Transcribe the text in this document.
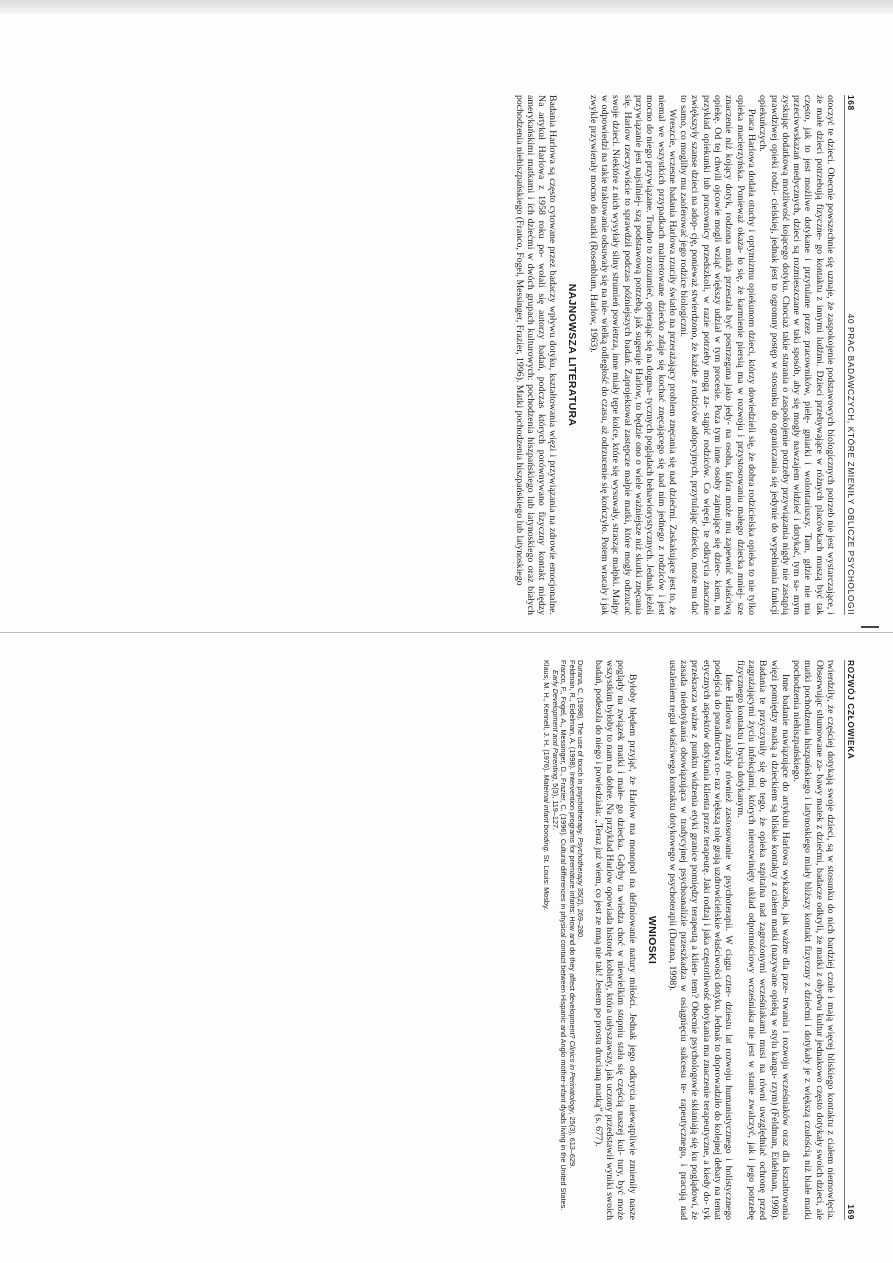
168
40 PRAC BADAWCZYCH, KTÓRE ZMIENIŁY OBLICZE PSYCHOLOGII

otoczyć te dzieci. Obecnie powszechnie się uznaje, że zaspokojenie podstawowych biologicznych potrzeb nie jest wystarczające, i że małe dzieci potrzebują fizyczne- go kontaktu z innymi ludźmi. Dzieci przebywające w różnych placówkach muszą być tak często, jak to jest możliwe dotykane i przytulane przez pracowników, pielę- gniarki i wolontariuszy. Tam, gdzie nie ma przeciwwskazań medycznych, dzieci są rozmieszczane w taki sposób, aby się mogły nawzajem widzieć i dotykać, tym sa- mym zyskując dodatkową możliwość kojącego dotyku. Chociaż takie starania o zaspokojenie potrzeby przywiązania nigdy nie zastąpią prawdziwej opieki rodzi- cielskiej, jednak jest to ogromny postęp w stosunku do ograniczania się jedynie do wypełniania funkcji opiekuńczych.

Praca Harlowa dodała otuchy i optymizmu opiekunom dzieci, którzy dowiedzieli się, że dobra rodzicielska opieka to nie tylko opieka macierzyńska. Ponieważ okaza- ło się, że karmienie piersią ma w rozwoju i przystosowaniu małego dziecka mniej- sze znaczenie niż kojący dotyk, rodzona matka przestała być postrzegana jako jedy- na osoba, która może mu zapewnić właściwą opiekę. Od tej chwili ojcowie mogli wziąć większy udział w tym procesie. Poza tym inne osoby zajmujące się dziec- kiem, na przykład opiekunki lub pracownicy przedszkoli, w razie potrzeby mogą za- stąpić rodziców. Co więcej, te odkrycia znacznie zwiększyły szanse dzieci na adop- cję, ponieważ stwierdzono, że każde z rodziców adopcyjnych, przytulając dziecko, może mu dać to samo, co mogliby mu zaoferować jego rodzice biologiczni.

Wreszcie, wczesne badania Harlowa rzuciły światło na przerażający problem znęcania się nad dziećmi. Zaskakujące jest to, że niemal we wszystkich przypadkach maltretowane dziecko zdaje się kochać znęcającego się nad nim jednego z rodziców i jest mocno do niego przywiązane. Trudno to zrozumieć, opierając się na dogma- tycznych poglądach behawiorystycznych. Jednak jeżeli przywiązanie jest najsilniej- szą podstawową potrzebą, jak sugeruje Harlow, to będzie ono o wiele ważniejsze niż skutki znęcania się. Harlow rzeczywiście to sprawdził podczas późniejszych badań. Zaprojektował zastępcze małpie matki, które mogły odrzucać swoje dzieci. Niektóre z nich wysyłały silny strumień powietrza, inne miały tępe kolce, które się wysuwały, strasząc małpki. Małpy w odpowiedzi na takie traktowanie odsuwały się na nie- wielką odległość do czasu, aż odrzucenie się kończyło. Potem wracały i jak zwykle przywierały mocno do matki (Rosenblum, Harlow, 1963).

NAJNOWSZA LITERATURA

Badania Harlowa są często cytowane przez badaczy wpływu dotyku, kształtowania więzi i przywiązania na zdrowie emocjonalne. Na artykuł Harlowa z 1958 roku po- wołali się autorzy badań, podczas których porównywano fizyczny kontakt między amerykańskimi matkami i ich dziećmi w dwóch grupach kulturowych: pochodzenia hiszpańskiego lub latynoskiego oraz białych pochodzenia niehiszpańskiego (Franco, Fogel, Messinger, Frazier, 1996). Matki pochodzenia hiszpańskiego lub latynoskiego

ROZWÓJ CZŁOWIEKA
169

twierdziły, że częściej dotykają swoje dzieci, są w stosunku do nich bardziej czułe i mają więcej bliskiego kontaktu z ciałem niemowlęcia. Obserwując stłumowane za- bawy matek z dziećmi, badacze odkryli, że matki z obydwu kultur jednakowo często dotykały swoich dzieci, ale matki pochodzenia hiszpańskiego i latynoskiego miały bliższy kontakt fizyczny z dziećmi i dotykały je z większą czułością niż białe matki pochodzenia niehiszpańskiego.

Inne badanie nawiązujące do artykułu Harlowa wykazało, jak ważne dla prze- trwania i rozwoju wcześniaków oraz dla kształtowania więzi pomiędzy matką a dzieckiem są bliskie kontakty z ciałem matki (nazywane opieką w stylu kangu- rzym) (Feldman, Eidelman, 1998). Badania te przyczyniły się do tego, że opieka szpitalna nad zagrożonymi wcześniakami musi na równi uwzględniać ochronę przed zagrażającymi życiu infekcjami, których nierozwinięty układ odpornościowy wcześniaka nie jest w stanie zwalczyć, jak i jego potrzebę fizycznego kontaktu i bycia dotykanym.

Idee Harlowa znalazły również zastosowanie w psychoterapii. W ciągu czter- dziestu lat rozwoju humanistycznego i holistycznego podejścia do poradnictwa co- raz większą rolę grają uzdrowicielskie właściwości dotyku. Jednak to doprowadziło do kolejnej debaty na temat etycznych aspektów dotykania klienta przez terapeutę. Jaki rodzaj i jaka częstotliwość dotykania ma znaczenie terapeutyczne, a kiedy do- tyk przekracza ważne z punktu widzenia etyki granice pomiędzy terapeutą a klien- tem? Obecnie psychologowie skłaniają się ku poglądowi, że zasada niedotykania obowiązująca w tradycyjnej psychoanalizie przeszkadza w osiągnięciu sukcesu te- rapeutycznego, i pracują nad ustaleniem reguł właściwego kontaktu dotykowego w psychoterapii (Durana, 1998).

WNIOSKI

Byłoby błędem przyjąć, że Harlow ma monopol na definiowanie natury miłości. Jednak jego odkrycia niewątpliwie zmieniły nasze poglądy na związek matki i małe- go dziecka. Gdyby ta wiedza choć w niewielkim stopniu stała się częścią naszej kul- tury, być może wszystkim byłoby to nam na dobre. Na przykład Harlow opowiada historię kobiety, która usłyszawszy, jak uczony przedstawił wyniki swoich badań, podeszła do niego i powiedziała: „Teraz już wiem, co jest ze mną nie tak! Jestem po prostu drucianą matką” (s. 677).

Durana, C. (1998). The use of touch in psychotherapy. Psychotherapy 35(2), 269–280.
Feldman, R., Eidelman, A. (1998). Intervention programs for premature infants: How and do they affect development? Clinics in Perinatology, 25(3), 613–629.
Franco, F., Fogel, A., Messinger, D., Frazier, C. (1996). Cultural differences in physical contact between Hispanic and Anglo mother-infant dyads living in the United States. Early Development and Parenting, 5(3), 119–127.
Klaus, M. H., Kennell, J. H. (1976). Maternal infant bonding. St. Louis: Mosby.
